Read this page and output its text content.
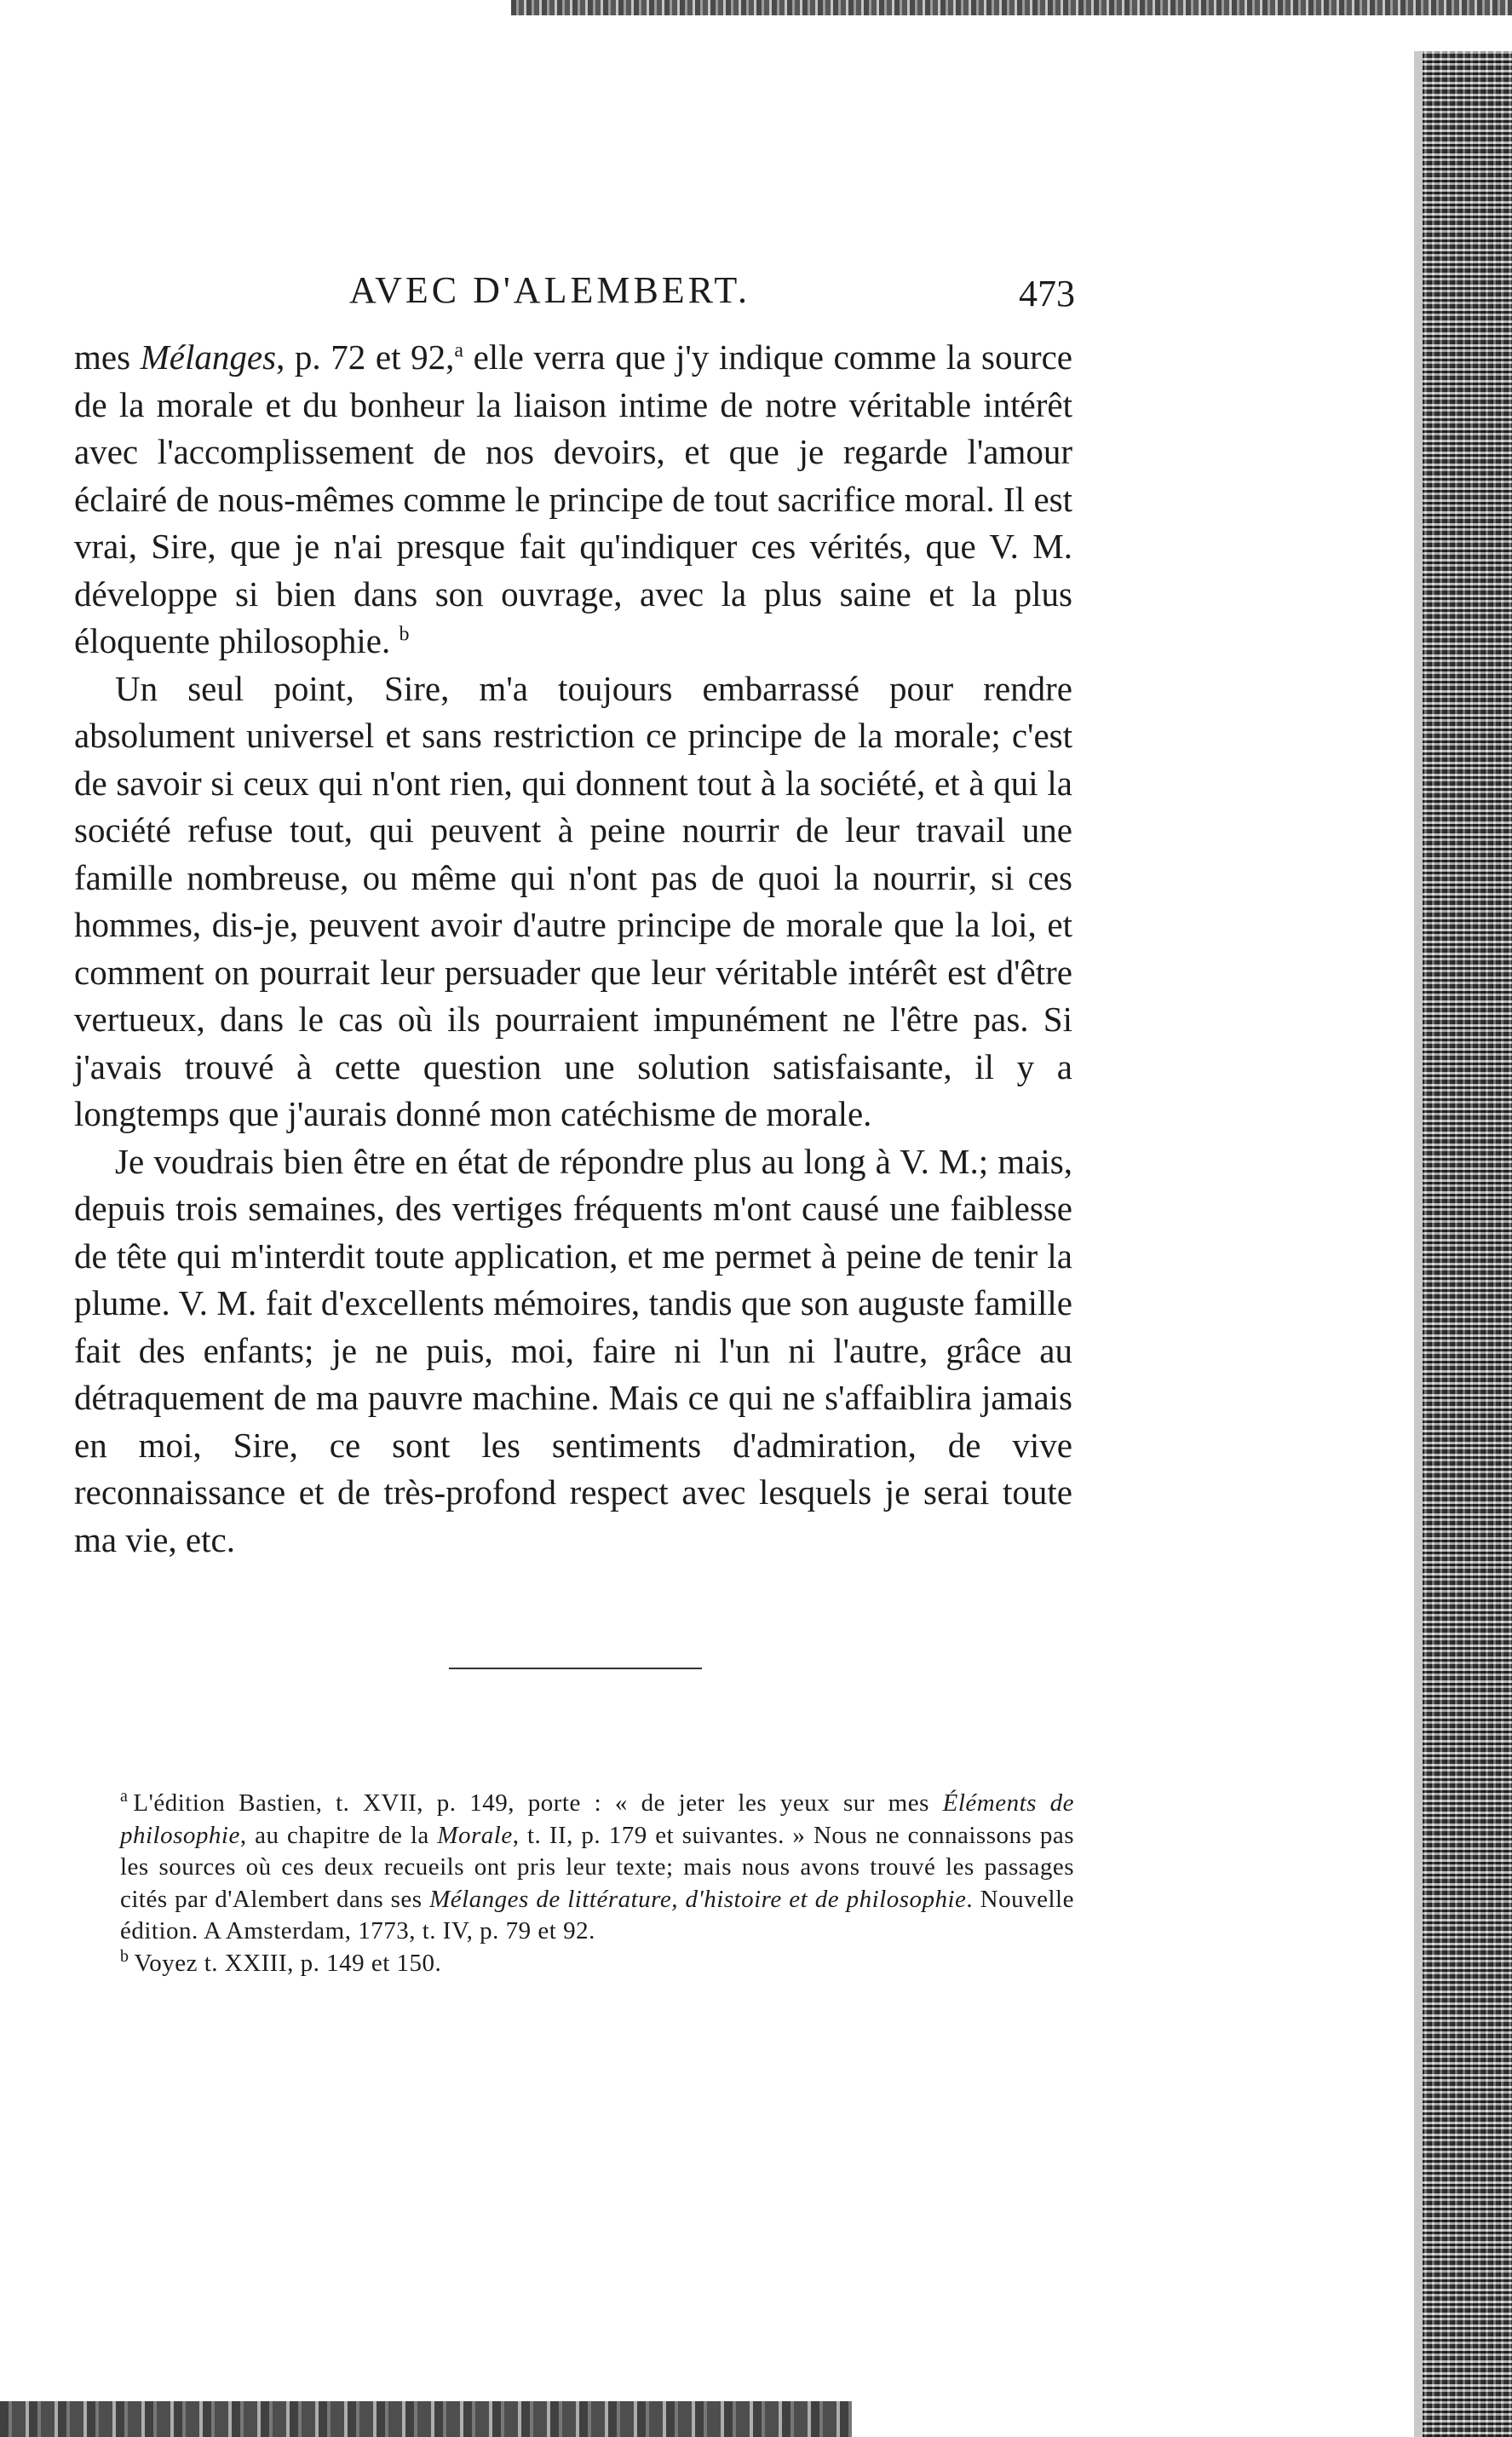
AVEC D'ALEMBERT.	473

mes Mélanges, p. 72 et 92,$^a$ elle verra que j'y indique comme la source de la morale et du bonheur la liaison intime de notre véritable intérêt avec l'accomplissement de nos devoirs, et que je regarde l'amour éclairé de nous-mêmes comme le principe de tout sacrifice moral. Il est vrai, Sire, que je n'ai presque fait qu'indiquer ces vérités, que V. M. développe si bien dans son ouvrage, avec la plus saine et la plus éloquente philosophie. $^b$

Un seul point, Sire, m'a toujours embarrassé pour rendre absolument universel et sans restriction ce principe de la morale; c'est de savoir si ceux qui n'ont rien, qui donnent tout à la société, et à qui la société refuse tout, qui peuvent à peine nourrir de leur travail une famille nombreuse, ou même qui n'ont pas de quoi la nourrir, si ces hommes, dis-je, peuvent avoir d'autre principe de morale que la loi, et comment on pourrait leur persuader que leur véritable intérêt est d'être vertueux, dans le cas où ils pourraient impunément ne l'être pas. Si j'avais trouvé à cette question une solution satisfaisante, il y a longtemps que j'aurais donné mon catéchisme de morale.

Je voudrais bien être en état de répondre plus au long à V. M.; mais, depuis trois semaines, des vertiges fréquents m'ont causé une faiblesse de tête qui m'interdit toute application, et me permet à peine de tenir la plume. V. M. fait d'excellents mémoires, tandis que son auguste famille fait des enfants; je ne puis, moi, faire ni l'un ni l'autre, grâce au détraquement de ma pauvre machine. Mais ce qui ne s'affaiblira jamais en moi, Sire, ce sont les sentiments d'admiration, de vive reconnaissance et de très-profond respect avec lesquels je serai toute ma vie, etc.

$^a$ L'édition Bastien, t. XVII, p. 149, porte : « de jeter les yeux sur mes Éléments de philosophie, au chapitre de la Morale, t. II, p. 179 et suivantes. » Nous ne connaissons pas les sources où ces deux recueils ont pris leur texte; mais nous avons trouvé les passages cités par d'Alembert dans ses Mélanges de littérature, d'histoire et de philosophie. Nouvelle édition. A Amsterdam, 1773, t. IV, p. 79 et 92.

$^b$ Voyez t. XXIII, p. 149 et 150.
